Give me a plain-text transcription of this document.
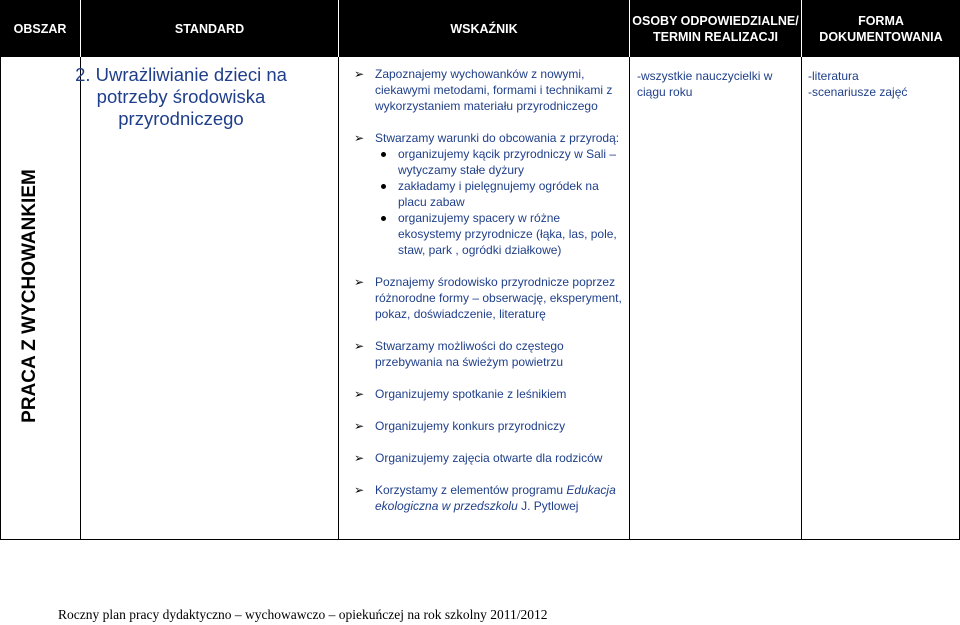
OBSZAR	STANDARD	WSKAŹNIK
OSOBY ODPOWIEDZIALNE/
TERMIN REALIZACJI
FORMA
DOKUMENTOWANIA
PRACA Z WYCHOWANKIEM
2. Uwrażliwianie dzieci na potrzeby środowiska przyrodniczego
➢ Zapoznajemy wychowanków z nowymi, ciekawymi metodami, formami i technikami z wykorzystaniem materiału przyrodniczego
➢ Stwarzamy warunki do obcowania z przyrodą:
organizujemy kącik przyrodniczy w Sali – wytyczamy stałe dyżury
zakładamy i pielęgnujemy ogródek na placu zabaw
organizujemy spacery w różne ekosystemy przyrodnicze (łąka, las, pole, staw, park , ogródki działkowe)
➢ Poznajemy środowisko przyrodnicze poprzez różnorodne formy – obserwację, eksperyment, pokaz, doświadczenie, literaturę
➢ Stwarzamy możliwości do częstego przebywania na świeżym powietrzu
➢ Organizujemy spotkanie z leśnikiem
➢ Organizujemy konkurs przyrodniczy
➢ Organizujemy zajęcia otwarte dla rodziców
➢ Korzystamy z elementów programu Edukacja ekologiczna w przedszkolu J. Pytlowej
-wszystkie nauczycielki w ciągu roku
-literatura
-scenariusze zajęć
Roczny plan pracy dydaktyczno – wychowawczo – opiekuńczej na rok szkolny 2011/2012
